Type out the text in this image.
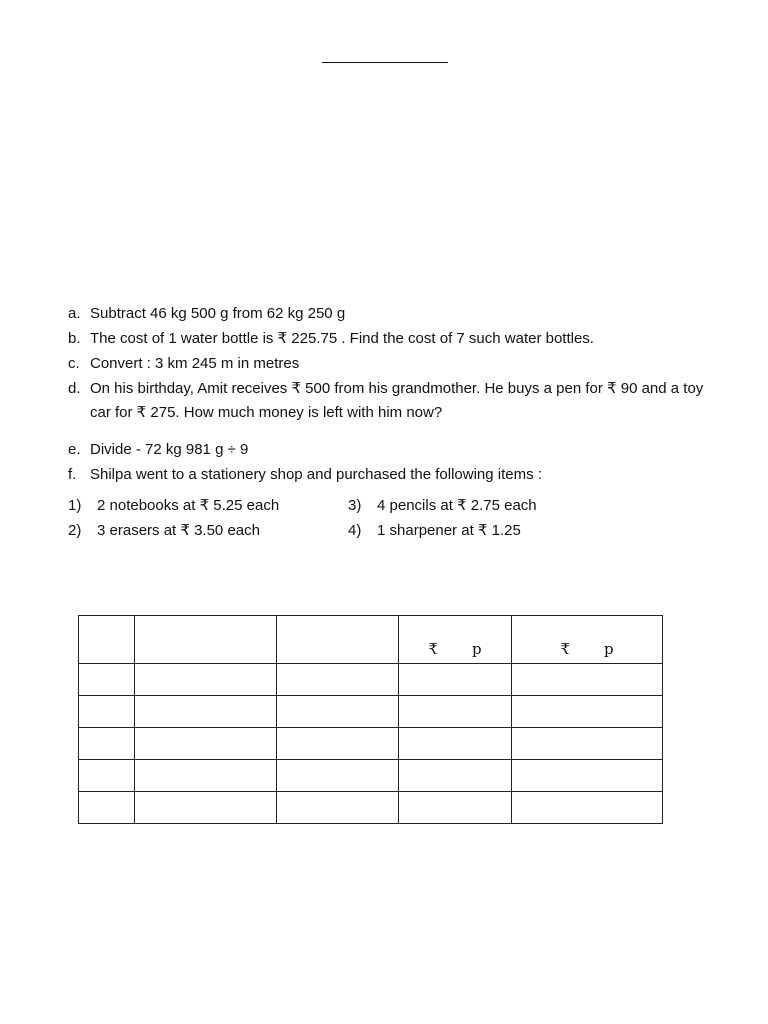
a. Subtract 46 kg 500 g from 62 kg 250 g
b. The cost of 1 water bottle is ₹ 225.75 . Find the cost of 7 such water bottles.
c. Convert : 3 km 245 m in metres
d. On his birthday, Amit receives ₹ 500 from his grandmother. He buys a pen for ₹ 90 and a toy car for ₹ 275. How much money is left with him now?
e. Divide - 72 kg 981 g ÷ 9
f. Shilpa went to a stationery shop and purchased the following items :
1)	2 notebooks at ₹ 5.25 each	3)	4 pencils at ₹ 2.75 each
2)	3 erasers at ₹ 3.50 each	4)	1 sharpener at ₹ 1.25

			₹ p	₹ p
